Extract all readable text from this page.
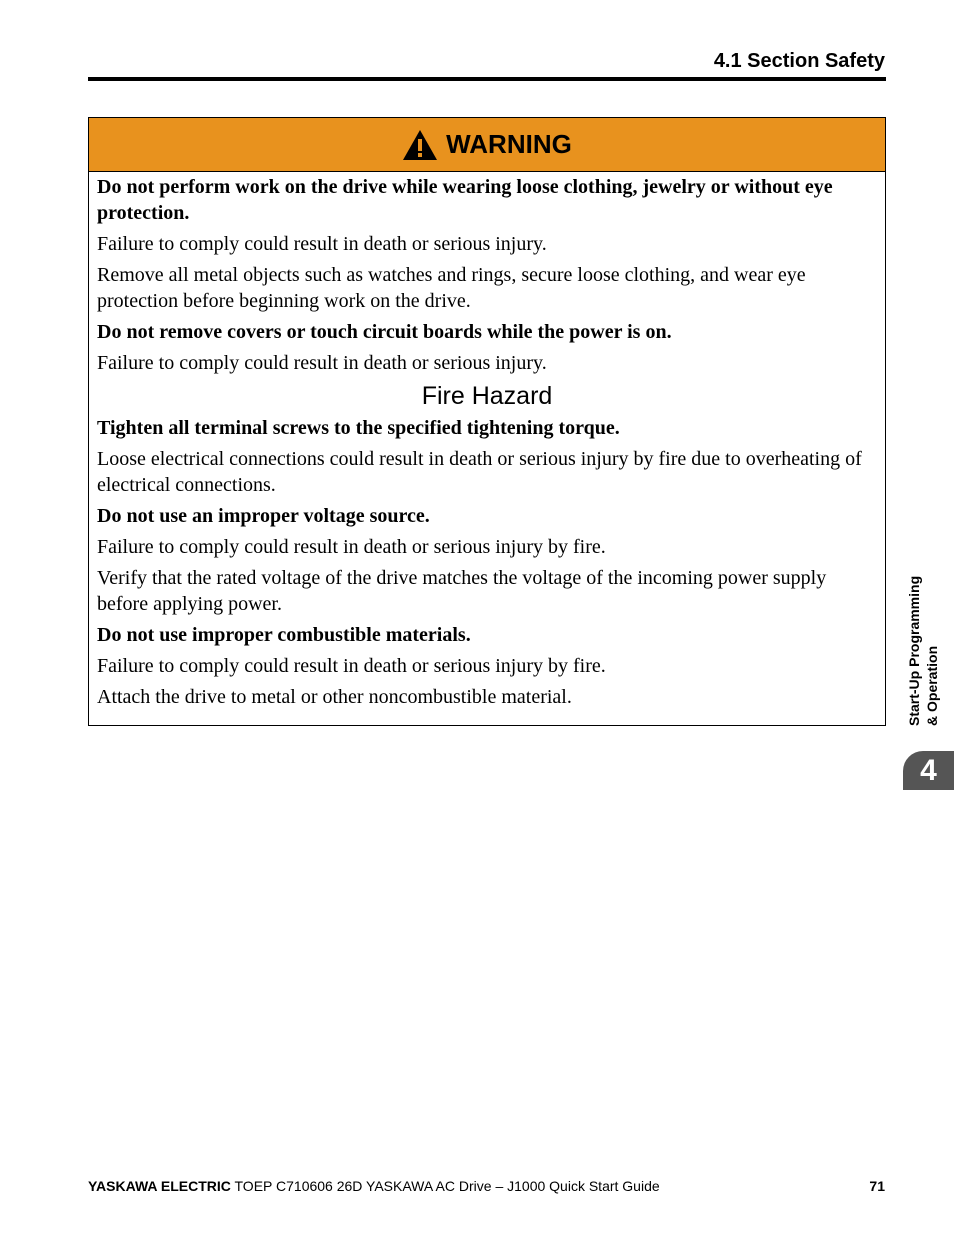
4.1 Section Safety
WARNING

Do not perform work on the drive while wearing loose clothing, jewelry or without eye protection.

Failure to comply could result in death or serious injury.

Remove all metal objects such as watches and rings, secure loose clothing, and wear eye protection before beginning work on the drive.

Do not remove covers or touch circuit boards while the power is on.

Failure to comply could result in death or serious injury.

Fire Hazard

Tighten all terminal screws to the specified tightening torque.

Loose electrical connections could result in death or serious injury by fire due to overheating of electrical connections.

Do not use an improper voltage source.

Failure to comply could result in death or serious injury by fire.

Verify that the rated voltage of the drive matches the voltage of the incoming power supply before applying power.

Do not use improper combustible materials.

Failure to comply could result in death or serious injury by fire.

Attach the drive to metal or other noncombustible material.	Start-Up Programming & Operation
4
YASKAWA ELECTRIC TOEP C710606 26D YASKAWA AC Drive – J1000 Quick Start Guide	71
